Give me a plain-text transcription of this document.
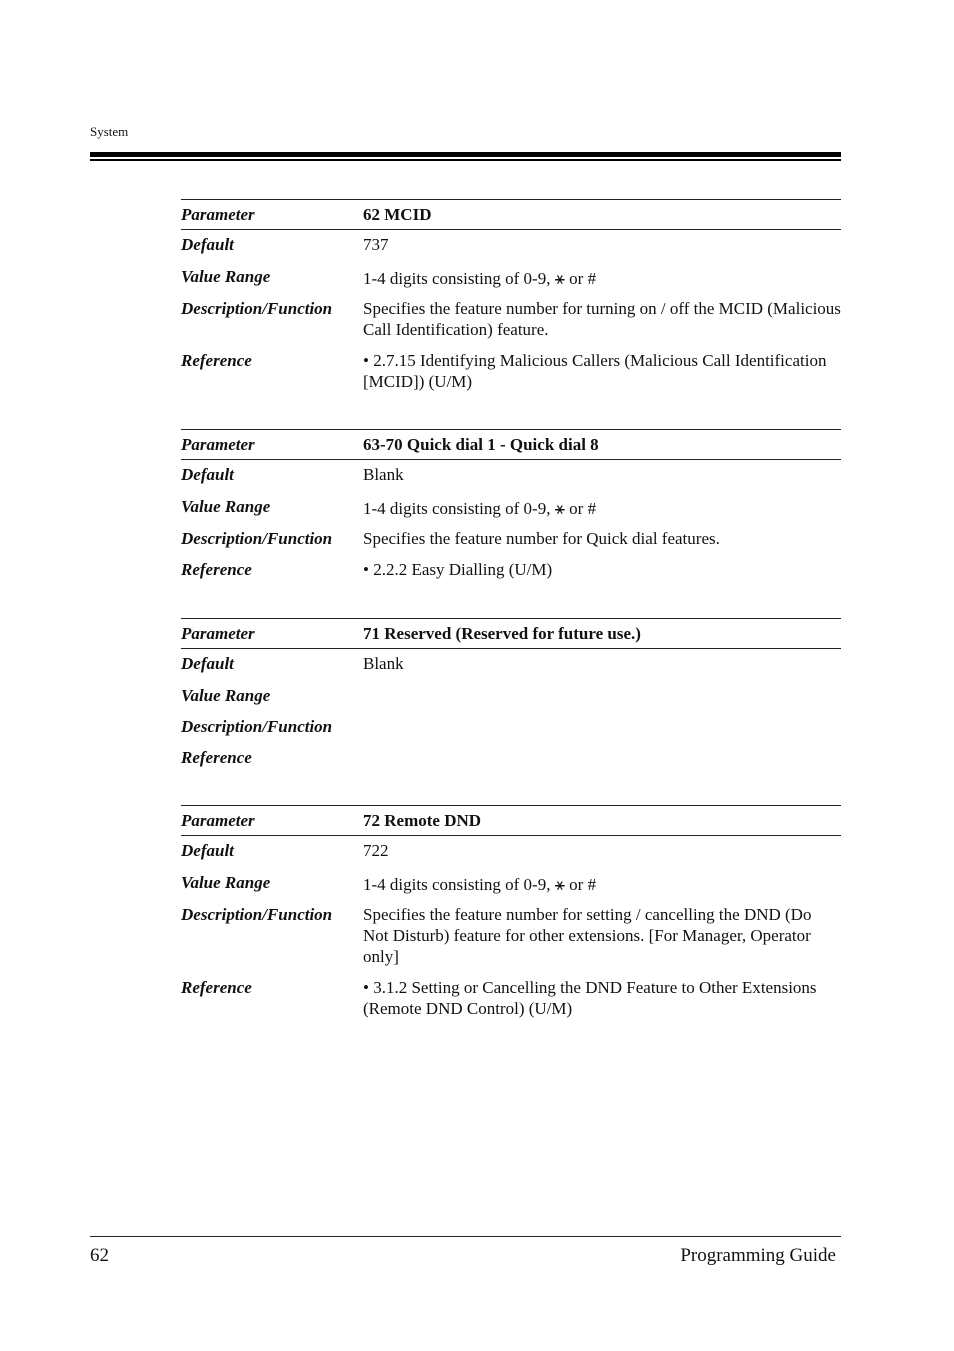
System

Parameter	62 MCID
Default	737
Value Range	1-4 digits consisting of 0-9, ⚹ or #
Description/Function	Specifies the feature number for turning on / off the MCID (Malicious Call Identification) feature.
Reference	• 2.7.15 Identifying Malicious Callers (Malicious Call Identification [MCID]) (U/M)
Parameter	63-70 Quick dial 1 - Quick dial 8
Default	Blank
Value Range	1-4 digits consisting of 0-9, ⚹ or #
Description/Function	Specifies the feature number for Quick dial features.
Reference	• 2.2.2 Easy Dialling (U/M)
Parameter	71 Reserved (Reserved for future use.)
Default	Blank
Value Range
Description/Function
Reference
Parameter	72 Remote DND
Default	722
Value Range	1-4 digits consisting of 0-9, ⚹ or #
Description/Function	Specifies the feature number for setting / cancelling the DND (Do Not Disturb) feature for other extensions. [For Manager, Operator only]
Reference	• 3.1.2 Setting or Cancelling the DND Feature to Other Extensions (Remote DND Control) (U/M)

62	Programming Guide
